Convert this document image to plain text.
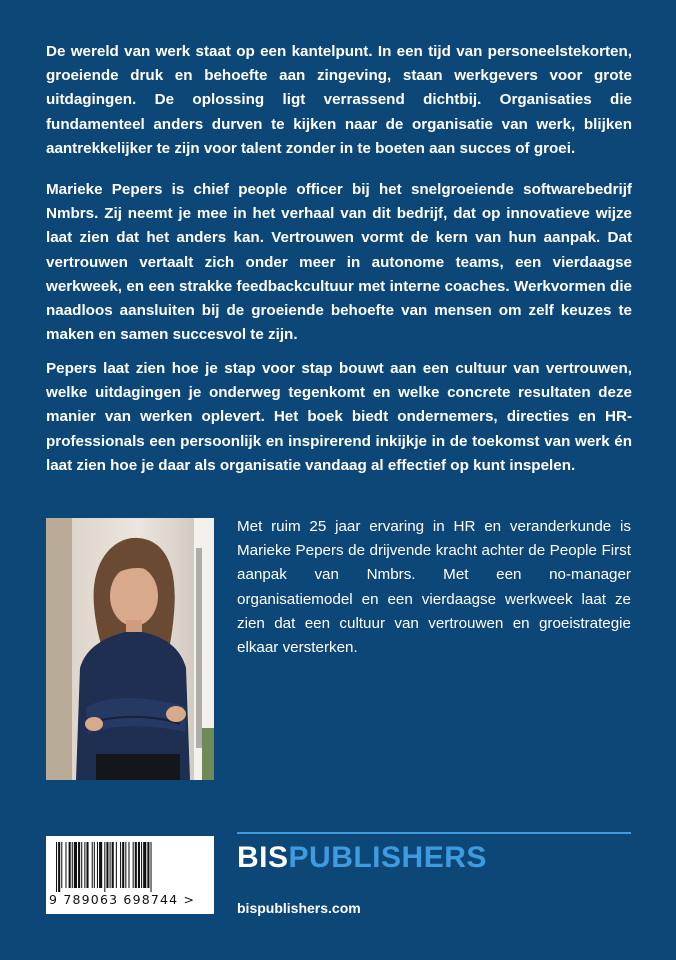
De wereld van werk staat op een kantelpunt. In een tijd van personeelstekorten, groeiende druk en behoefte aan zingeving, staan werkgevers voor grote uitdagingen. De oplossing ligt verrassend dichtbij. Organisaties die fundamenteel anders durven te kijken naar de organisatie van werk, blijken aantrekkelijker te zijn voor talent zonder in te boeten aan succes of groei.

Marieke Pepers is chief people officer bij het snelgroeiende softwarebedrijf Nmbrs. Zij neemt je mee in het verhaal van dit bedrijf, dat op innovatieve wijze laat zien dat het anders kan. Vertrouwen vormt de kern van hun aanpak. Dat vertrouwen vertaalt zich onder meer in autonome teams, een vierdaagse werkweek, en een strakke feedbackcultuur met interne coaches. Werkvormen die naadloos aansluiten bij de groeiende behoefte van mensen om zelf keuzes te maken en samen succesvol te zijn.

Pepers laat zien hoe je stap voor stap bouwt aan een cultuur van vertrouwen, welke uitdagingen je onderweg tegenkomt en welke concrete resultaten deze manier van werken oplevert. Het boek biedt ondernemers, directies en HR-professionals een persoonlijk en inspirerend inkijkje in de toekomst van werk én laat zien hoe je daar als organisatie vandaag al effectief op kunt inspelen.

Met ruim 25 jaar ervaring in HR en veranderkunde is Marieke Pepers de drijvende kracht achter de People First aanpak van Nmbrs. Met een no-manager organisatiemodel en een vierdaagse werkweek laat ze zien dat een cultuur van vertrouwen en groeistrategie elkaar versterken.

BISPUBLISHERS
bispublishers.com
9 789063 698744 >
